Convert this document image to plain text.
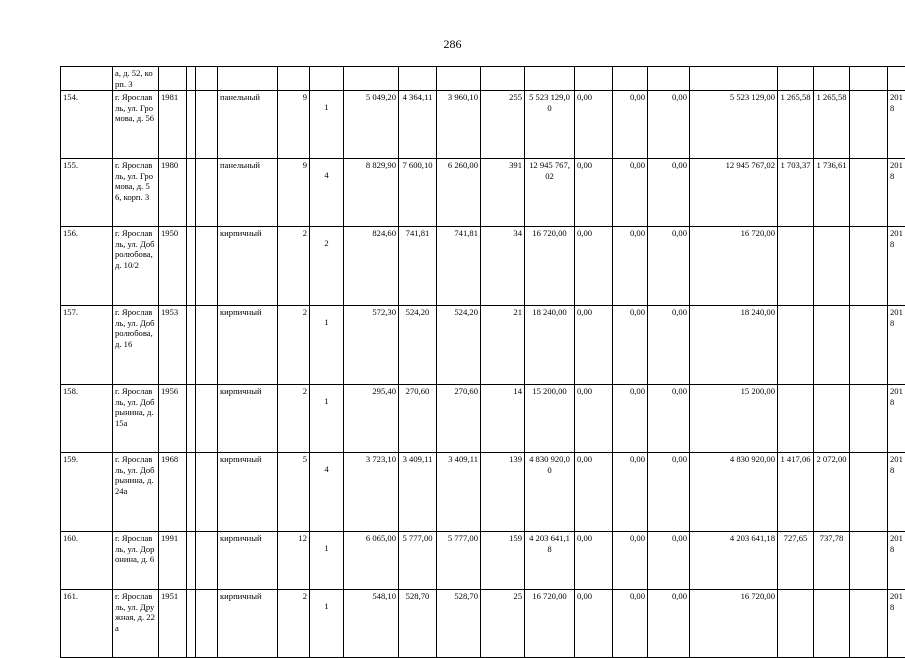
286
	а, д. 52, корп. 3																			
154.	г. Ярославль, ул. Громова, д. 56	1981			панельный	9	1	5 049,20	4 364,11	3 960,10	255	5 523 129,00	0,00	0,00	0,00	5 523 129,00	1 265,58	1 265,58		2018
155.	г. Ярославль, ул. Громова, д. 56, корп. 3	1980			панельный	9	4	8 829,90	7 600,10	6 260,00	391	12 945 767,02	0,00	0,00	0,00	12 945 767,02	1 703,37	1 736,61		2018
156.	г. Ярославль, ул. Добролюбова, д. 10/2	1950			кирпичный	2	2	824,60	741,81	741,81	34	16 720,00	0,00	0,00	0,00	16 720,00				2018
157.	г. Ярославль, ул. Добролюбова, д. 16	1953			кирпичный	2	1	572,30	524,20	524,20	21	18 240,00	0,00	0,00	0,00	18 240,00				2018
158.	г. Ярославль, ул. Добрынина, д. 15а	1956			кирпичный	2	1	295,40	270,60	270,60	14	15 200,00	0,00	0,00	0,00	15 200,00				2018
159.	г. Ярославль, ул. Добрынина, д. 24а	1968			кирпичный	5	4	3 723,10	3 409,11	3 409,11	139	4 830 920,00	0,00	0,00	0,00	4 830 920,00	1 417,06	2 072,00		2018
160.	г. Ярославль, ул. Доронина, д. 6	1991			кирпичный	12	1	6 065,00	5 777,00	5 777,00	159	4 203 641,18	0,00	0,00	0,00	4 203 641,18	727,65	737,78		2018
161.	г. Ярославль, ул. Дружная, д. 22а	1951			кирпичный	2	1	548,10	528,70	528,70	25	16 720,00	0,00	0,00	0,00	16 720,00				2018
